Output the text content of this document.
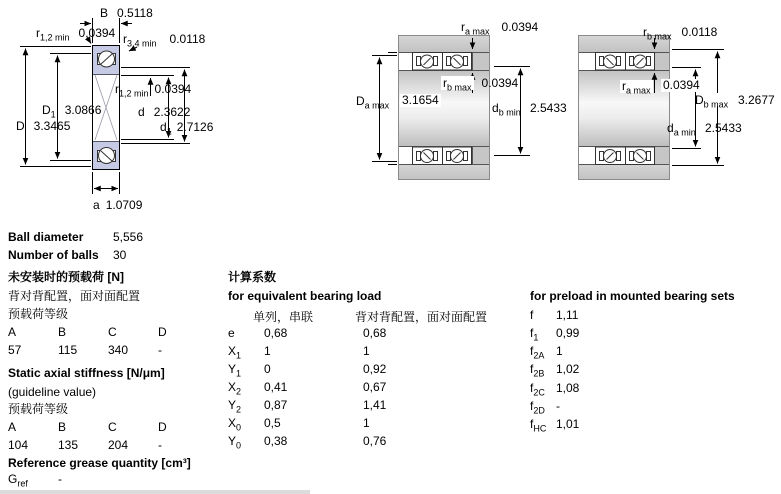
B 0.5118
$r_{1,2 min}$ 0.0394 $r_{3,4 min}$ 0.0118
$r_{1,2 min}$ 0.0394
$D_1$ 3.0866
D 3.3465
d 2.3622
$d_1$ 2.7126
a 1.0709
$r_{a max}$ 0.0394
$D_{a max}$ 3.1654
$r_{b max}$ 0.0394
$d_{b min}$ 2.5433
$r_{b max}$ 0.0118
$r_{a max}$ 0.0394
$D_{b max}$ 3.2677
$d_{a min}$ 2.5433
Ball diameter 5,556
Number of balls 30
未安装时的预载荷 [N]
背对背配置，面对面配置
预载荷等级
A	B	C	D
57	115	340 -
Static axial stiffness [N/μm]
(guideline value)
预载荷等级
A	B	C	D
104 135 204 -
Reference grease quantity [cm³]
$G_{ref}$	-
计算系数
for equivalent bearing load
单列，串联	背对背配置，面对面配置
e 0,68	0,68
$X_1$ 1	1
$Y_1$ 0	0,92
$X_2$ 0,41	0,67
$Y_2$ 0,87	1,41
$X_0$ 0,5	1
$Y_0$ 0,38	0,76
for preload in mounted bearing sets
f 1,11
$f_1$ 0,99
$f_{2A}$ 1
$f_{2B}$ 1,02
$f_{2C}$ 1,08
$f_{2D}$ -
$f_{HC}$ 1,01
